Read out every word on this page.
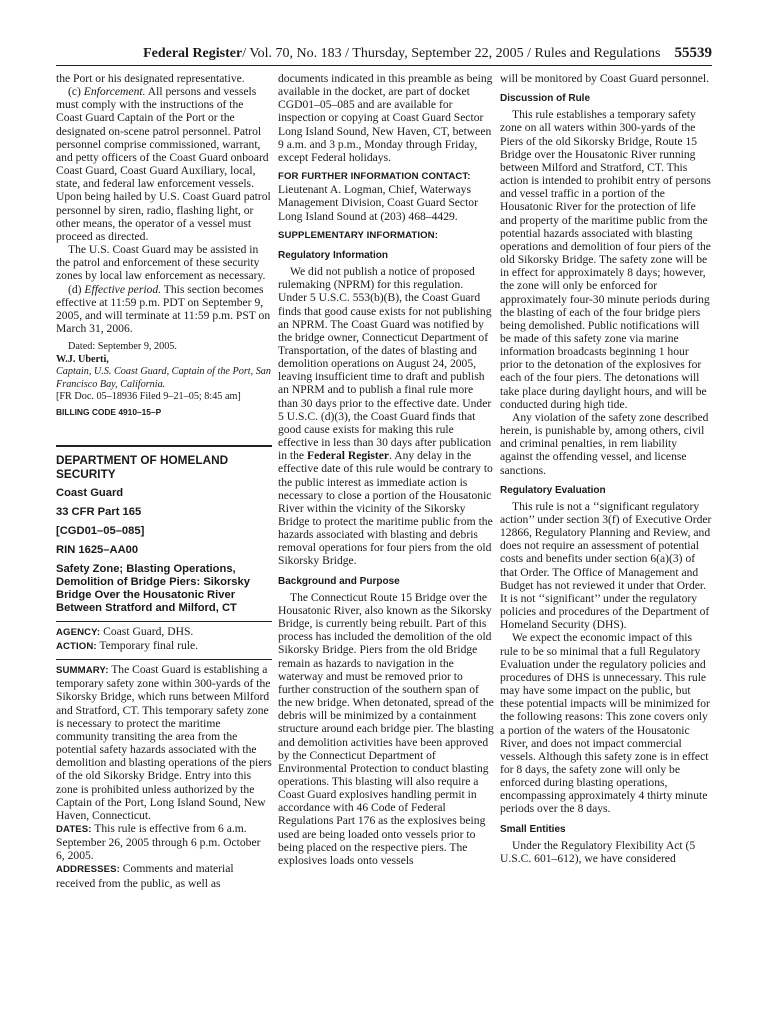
Federal Register/ Vol. 70, No. 183 / Thursday, September 22, 2005 / Rules and Regulations 55539

the Port or his designated representative.

(c) Enforcement. All persons and vessels must comply with the instructions of the Coast Guard Captain of the Port or the designated on-scene patrol personnel. Patrol personnel comprise commissioned, warrant, and petty officers of the Coast Guard onboard Coast Guard, Coast Guard Auxiliary, local, state, and federal law enforcement vessels. Upon being hailed by U.S. Coast Guard patrol personnel by siren, radio, flashing light, or other means, the operator of a vessel must proceed as directed.

The U.S. Coast Guard may be assisted in the patrol and enforcement of these security zones by local law enforcement as necessary.

(d) Effective period. This section becomes effective at 11:59 p.m. PDT on September 9, 2005, and will terminate at 11:59 p.m. PST on March 31, 2006.

Dated: September 9, 2005.

W.J. Uberti,

Captain, U.S. Coast Guard, Captain of the Port, San Francisco Bay, California.

[FR Doc. 05–18936 Filed 9–21–05; 8:45 am]

BILLING CODE 4910–15–P
DEPARTMENT OF HOMELAND SECURITY
Coast Guard
33 CFR Part 165
[CGD01–05–085]
RIN 1625–AA00
Safety Zone; Blasting Operations, Demolition of Bridge Piers: Sikorsky Bridge Over the Housatonic River Between Stratford and Milford, CT
AGENCY: Coast Guard, DHS.
ACTION: Temporary final rule.
SUMMARY: The Coast Guard is establishing a temporary safety zone within 300-yards of the Sikorsky Bridge, which runs between Milford and Stratford, CT. This temporary safety zone is necessary to protect the maritime community transiting the area from the potential safety hazards associated with the demolition and blasting operations of the piers of the old Sikorsky Bridge. Entry into this zone is prohibited unless authorized by the Captain of the Port, Long Island Sound, New Haven, Connecticut.
DATES: This rule is effective from 6 a.m. September 26, 2005 through 6 p.m. October 6, 2005.
ADDRESSES: Comments and material received from the public, as well as

documents indicated in this preamble as being available in the docket, are part of docket CGD01–05–085 and are available for inspection or copying at Coast Guard Sector Long Island Sound, New Haven, CT, between 9 a.m. and 3 p.m., Monday through Friday, except Federal holidays.

FOR FURTHER INFORMATION CONTACT:

Lieutenant A. Logman, Chief, Waterways Management Division, Coast Guard Sector Long Island Sound at (203) 468–4429.

SUPPLEMENTARY INFORMATION:
Regulatory Information

We did not publish a notice of proposed rulemaking (NPRM) for this regulation. Under 5 U.S.C. 553(b)(B), the Coast Guard finds that good cause exists for not publishing an NPRM. The Coast Guard was notified by the bridge owner, Connecticut Department of Transportation, of the dates of blasting and demolition operations on August 24, 2005, leaving insufficient time to draft and publish an NPRM and to publish a final rule more than 30 days prior to the effective date. Under 5 U.S.C. (d)(3), the Coast Guard finds that good cause exists for making this rule effective in less than 30 days after publication in the Federal Register. Any delay in the effective date of this rule would be contrary to the public interest as immediate action is necessary to close a portion of the Housatonic River within the vicinity of the Sikorsky Bridge to protect the maritime public from the hazards associated with blasting and debris removal operations for four piers from the old Sikorsky Bridge.

Background and Purpose

The Connecticut Route 15 Bridge over the Housatonic River, also known as the Sikorsky Bridge, is currently being rebuilt. Part of this process has included the demolition of the old Sikorsky Bridge. Piers from the old Bridge remain as hazards to navigation in the waterway and must be removed prior to further construction of the southern span of the new bridge. When detonated, spread of the debris will be minimized by a containment structure around each bridge pier. The blasting and demolition activities have been approved by the Connecticut Department of Environmental Protection to conduct blasting operations. This blasting will also require a Coast Guard explosives handling permit in accordance with 46 Code of Federal Regulations Part 176 as the explosives being used are being loaded onto vessels prior to being placed on the respective piers. The explosives loads onto vessels

will be monitored by Coast Guard personnel.

Discussion of Rule

This rule establishes a temporary safety zone on all waters within 300-yards of the Piers of the old Sikorsky Bridge, Route 15 Bridge over the Housatonic River running between Milford and Stratford, CT. This action is intended to prohibit entry of persons and vessel traffic in a portion of the Housatonic River for the protection of life and property of the maritime public from the potential hazards associated with blasting operations and demolition of four piers of the old Sikorsky Bridge. The safety zone will be in effect for approximately 8 days; however, the zone will only be enforced for approximately four-30 minute periods during the blasting of each of the four bridge piers being demolished. Public notifications will be made of this safety zone via marine information broadcasts beginning 1 hour prior to the detonation of the explosives for each of the four piers. The detonations will take place during daylight hours, and will be conducted during high tide.

Any violation of the safety zone described herein, is punishable by, among others, civil and criminal penalties, in rem liability against the offending vessel, and license sanctions.

Regulatory Evaluation

This rule is not a ‘‘significant regulatory action’’ under section 3(f) of Executive Order 12866, Regulatory Planning and Review, and does not require an assessment of potential costs and benefits under section 6(a)(3) of that Order. The Office of Management and Budget has not reviewed it under that Order. It is not ‘‘significant’’ under the regulatory policies and procedures of the Department of Homeland Security (DHS).

We expect the economic impact of this rule to be so minimal that a full Regulatory Evaluation under the regulatory policies and procedures of DHS is unnecessary. This rule may have some impact on the public, but these potential impacts will be minimized for the following reasons: This zone covers only a portion of the waters of the Housatonic River, and does not impact commercial vessels. Although this safety zone is in effect for 8 days, the safety zone will only be enforced during blasting operations, encompassing approximately 4 thirty minute periods over the 8 days.

Small Entities

Under the Regulatory Flexibility Act (5 U.S.C. 601–612), we have considered
